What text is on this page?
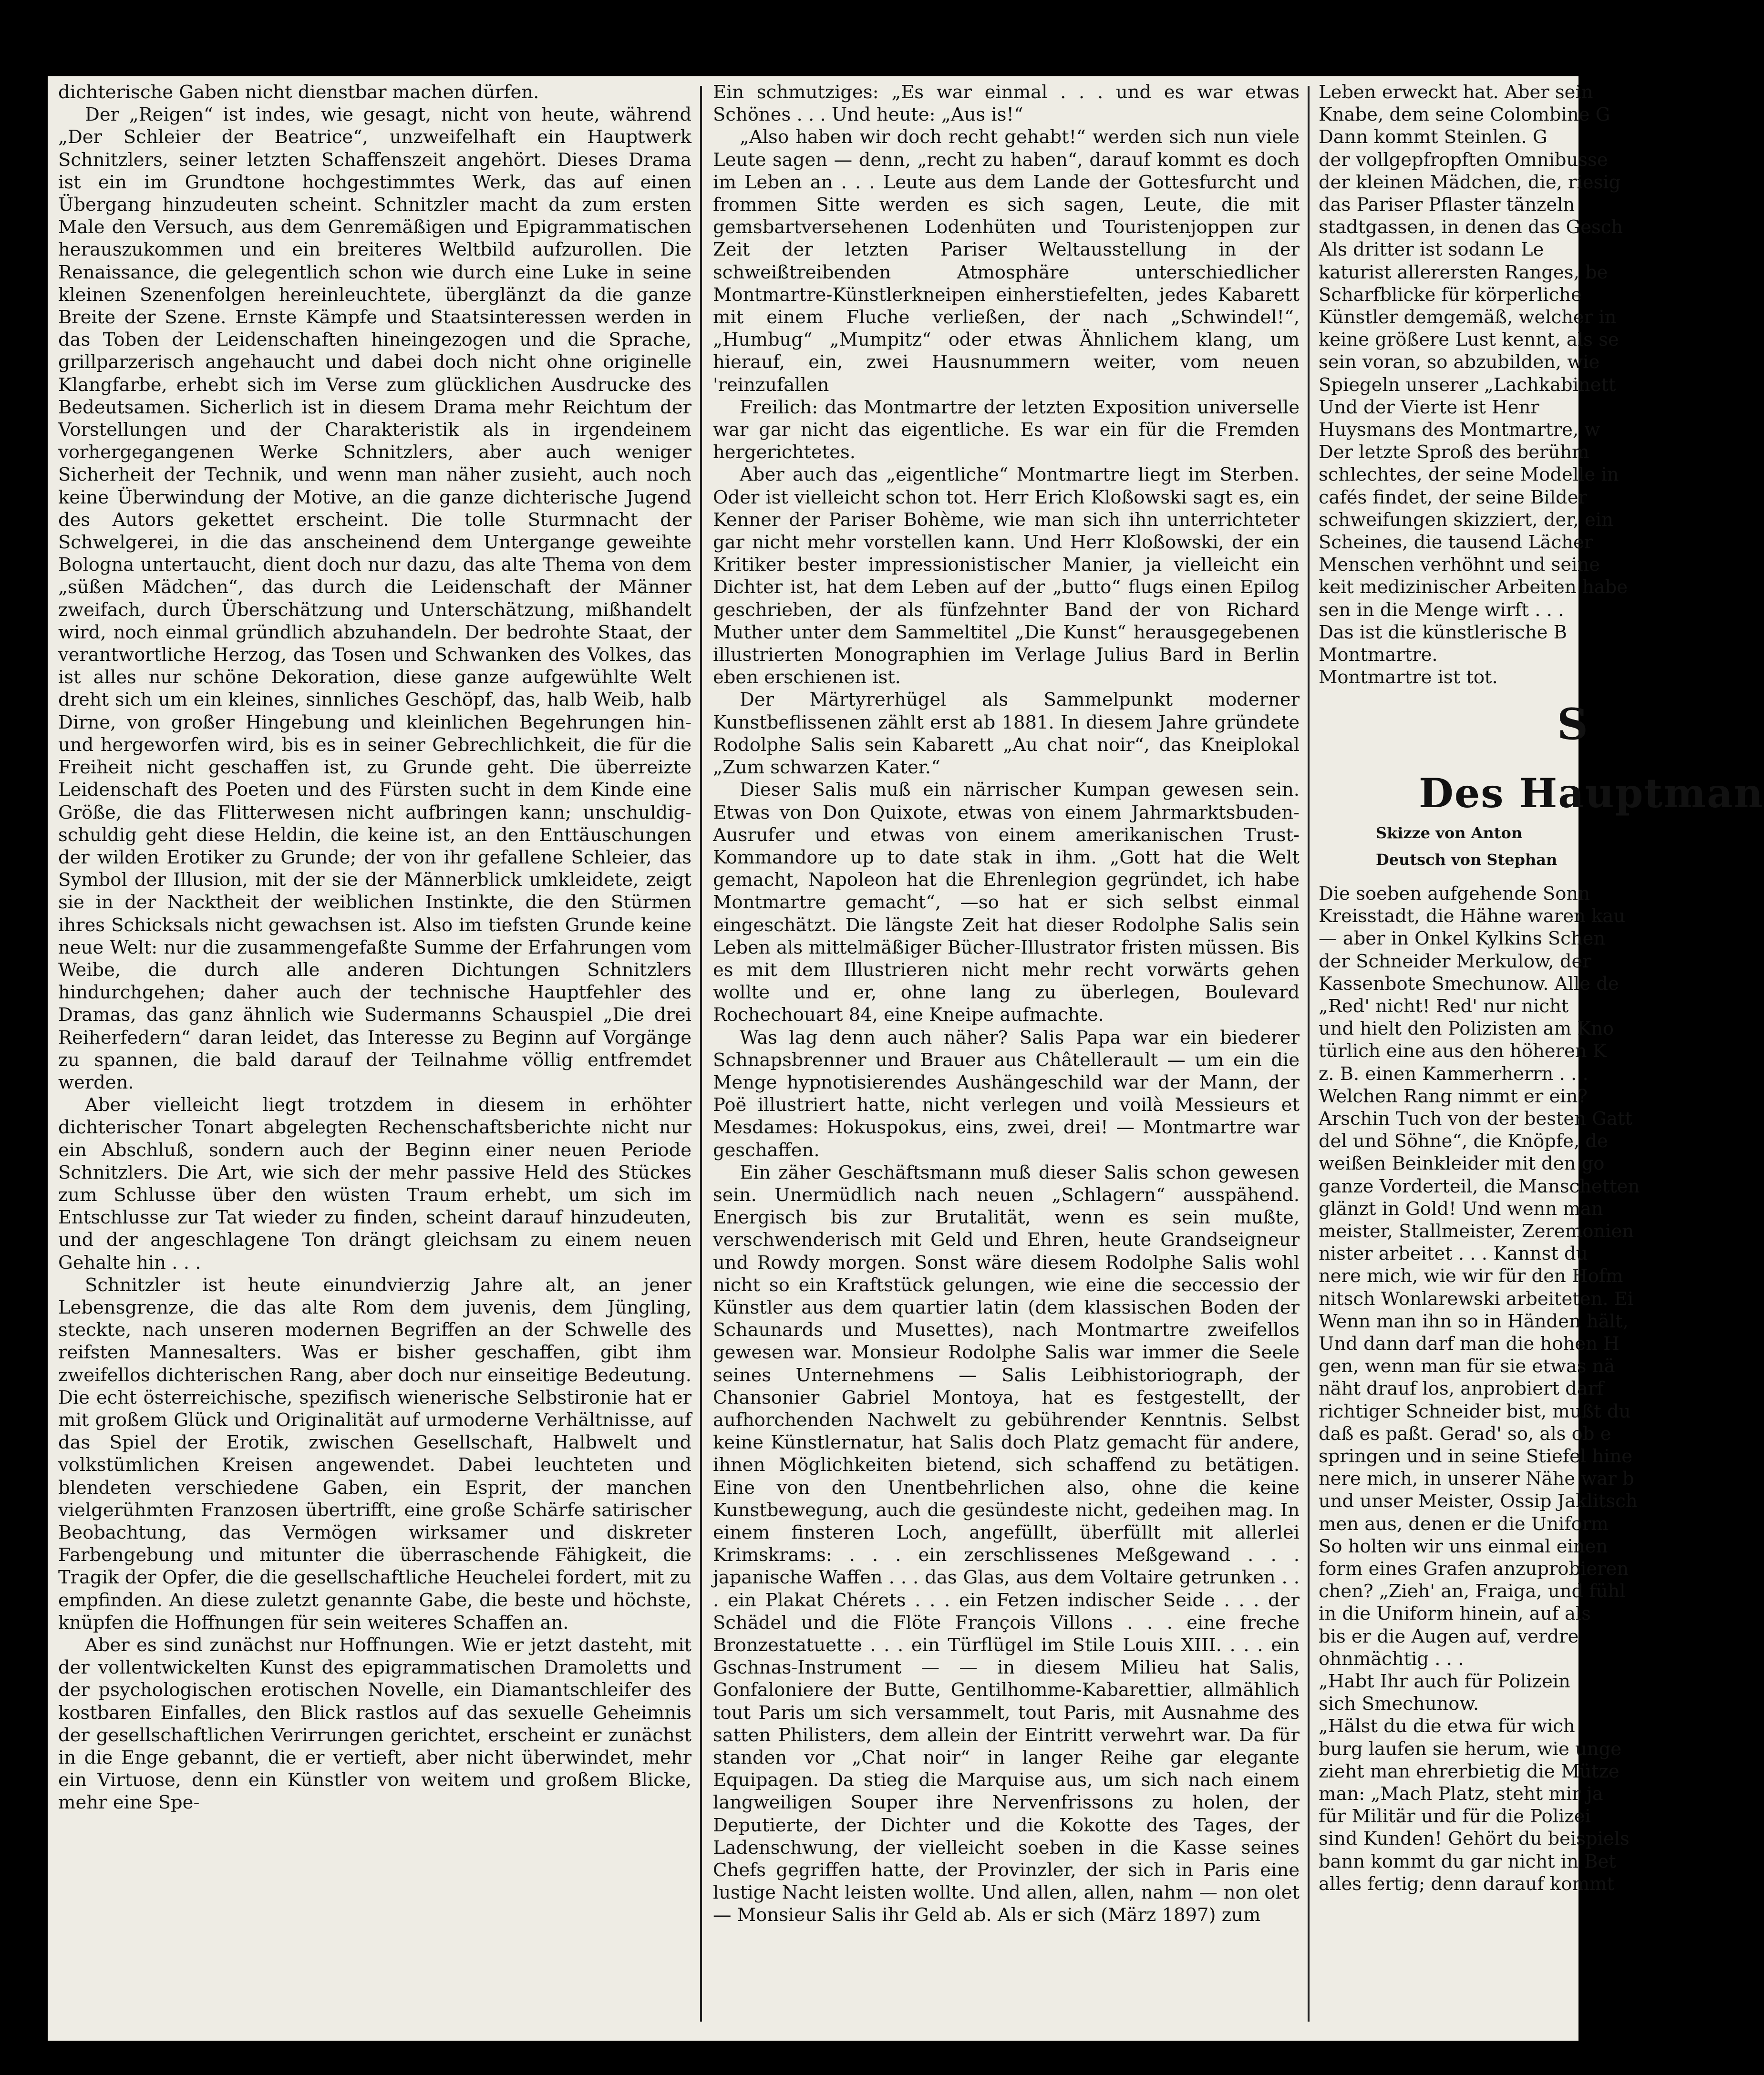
dichterische Gaben nicht dienstbar machen dürfen.

Der „Reigen“ ist indes, wie gesagt, nicht von heute, während „Der Schleier der Beatrice“, unzweifelhaft ein Hauptwerk Schnitzlers, seiner letzten Schaffenszeit angehört. Dieses Drama ist ein im Grundtone hochgestimmtes Werk, das auf einen Übergang hinzudeuten scheint. Schnitzler macht da zum ersten Male den Versuch, aus dem Genremäßigen und Epigrammatischen herauszukommen und ein breiteres Weltbild aufzurollen. Die Renaissance, die gelegentlich schon wie durch eine Luke in seine kleinen Szenenfolgen hereinleuchtete, überglänzt da die ganze Breite der Szene. Ernste Kämpfe und Staatsinteressen werden in das Toben der Leidenschaften hineingezogen und die Sprache, grillparzerisch angehaucht und dabei doch nicht ohne originelle Klangfarbe, erhebt sich im Verse zum glücklichen Ausdrucke des Bedeutsamen. Sicherlich ist in diesem Drama mehr Reichtum der Vorstellungen und der Charakteristik als in irgendeinem vorhergegangenen Werke Schnitzlers, aber auch weniger Sicherheit der Technik, und wenn man näher zusieht, auch noch keine Überwindung der Motive, an die ganze dichterische Jugend des Autors gekettet erscheint. Die tolle Sturmnacht der Schwelgerei, in die das anscheinend dem Untergange geweihte Bologna untertaucht, dient doch nur dazu, das alte Thema von dem „süßen Mädchen“, das durch die Leidenschaft der Männer zweifach, durch Überschätzung und Unterschätzung, mißhandelt wird, noch einmal gründlich abzuhandeln. Der bedrohte Staat, der verantwortliche Herzog, das Tosen und Schwanken des Volkes, das ist alles nur schöne Dekoration, diese ganze aufgewühlte Welt dreht sich um ein kleines, sinnliches Geschöpf, das, halb Weib, halb Dirne, von großer Hingebung und kleinlichen Begehrungen hin- und hergeworfen wird, bis es in seiner Gebrechlichkeit, die für die Freiheit nicht geschaffen ist, zu Grunde geht. Die überreizte Leidenschaft des Poeten und des Fürsten sucht in dem Kinde eine Größe, die das Flitterwesen nicht aufbringen kann; unschuldig-schuldig geht diese Heldin, die keine ist, an den Enttäuschungen der wilden Erotiker zu Grunde; der von ihr gefallene Schleier, das Symbol der Illusion, mit der sie der Männerblick umkleidete, zeigt sie in der Nacktheit der weiblichen Instinkte, die den Stürmen ihres Schicksals nicht gewachsen ist. Also im tiefsten Grunde keine neue Welt: nur die zusammengefaßte Summe der Erfahrungen vom Weibe, die durch alle anderen Dichtungen Schnitzlers hindurchgehen; daher auch der technische Hauptfehler des Dramas, das ganz ähnlich wie Sudermanns Schauspiel „Die drei Reiherfedern“ daran leidet, das Interesse zu Beginn auf Vorgänge zu spannen, die bald darauf der Teilnahme völlig entfremdet werden.

Aber vielleicht liegt trotzdem in diesem in erhöhter dichterischer Tonart abgelegten Rechenschaftsberichte nicht nur ein Abschluß, sondern auch der Beginn einer neuen Periode Schnitzlers. Die Art, wie sich der mehr passive Held des Stückes zum Schlusse über den wüsten Traum erhebt, um sich im Entschlusse zur Tat wieder zu finden, scheint darauf hinzudeuten, und der angeschlagene Ton drängt gleichsam zu einem neuen Gehalte hin . . .

Schnitzler ist heute einundvierzig Jahre alt, an jener Lebensgrenze, die das alte Rom dem juvenis, dem Jüngling, steckte, nach unseren modernen Begriffen an der Schwelle des reifsten Mannesalters. Was er bisher geschaffen, gibt ihm zweifellos dichterischen Rang, aber doch nur einseitige Bedeutung. Die echt österreichische, spezifisch wienerische Selbstironie hat er mit großem Glück und Originalität auf urmoderne Verhältnisse, auf das Spiel der Erotik, zwischen Gesellschaft, Halbwelt und volkstümlichen Kreisen angewendet. Dabei leuchteten und blendeten verschiedene Gaben, ein Esprit, der manchen vielgerühmten Franzosen übertrifft, eine große Schärfe satirischer Beobachtung, das Vermögen wirksamer und diskreter Farbengebung und mitunter die überraschende Fähigkeit, die Tragik der Opfer, die die gesellschaftliche Heuchelei fordert, mit zu empfinden. An diese zuletzt genannte Gabe, die beste und höchste, knüpfen die Hoffnungen für sein weiteres Schaffen an.

Aber es sind zunächst nur Hoffnungen. Wie er jetzt dasteht, mit der vollentwickelten Kunst des epigrammatischen Dramoletts und der psychologischen erotischen Novelle, ein Diamantschleifer des kostbaren Einfalles, den Blick rastlos auf das sexuelle Geheimnis der gesellschaftlichen Verirrungen gerichtet, erscheint er zunächst in die Enge gebannt, die er vertieft, aber nicht überwindet, mehr ein Virtuose, denn ein Künstler von weitem und großem Blicke, mehr eine Spe-

Ein schmutziges: „Es war einmal . . . und es war etwas Schönes . . . Und heute: „Aus is!“

„Also haben wir doch recht gehabt!“ werden sich nun viele Leute sagen — denn, „recht zu haben“, darauf kommt es doch im Leben an . . . Leute aus dem Lande der Gottesfurcht und frommen Sitte werden es sich sagen, Leute, die mit gemsbartversehenen Lodenhüten und Touristenjoppen zur Zeit der letzten Pariser Weltausstellung in der schweißtreibenden Atmosphäre unterschiedlicher Montmartre-Künstlerkneipen einherstiefelten, jedes Kabarett mit einem Fluche verließen, der nach „Schwindel!“, „Humbug“ „Mumpitz“ oder etwas Ähnlichem klang, um hierauf, ein, zwei Hausnummern weiter, vom neuen 'reinzufallen

Freilich: das Montmartre der letzten Exposition universelle war gar nicht das eigentliche. Es war ein für die Fremden hergerichtetes.

Aber auch das „eigentliche“ Montmartre liegt im Sterben. Oder ist vielleicht schon tot. Herr Erich Kloßowski sagt es, ein Kenner der Pariser Bohème, wie man sich ihn unterrichteter gar nicht mehr vorstellen kann. Und Herr Kloßowski, der ein Kritiker bester impressionistischer Manier, ja vielleicht ein Dichter ist, hat dem Leben auf der „butto“ flugs einen Epilog geschrieben, der als fünfzehnter Band der von Richard Muther unter dem Sammeltitel „Die Kunst“ herausgegebenen illustrierten Monographien im Verlage Julius Bard in Berlin eben erschienen ist.

Der Märtyrerhügel als Sammelpunkt moderner Kunstbeflissenen zählt erst ab 1881. In diesem Jahre gründete Rodolphe Salis sein Kabarett „Au chat noir“, das Kneiplokal „Zum schwarzen Kater.“

Dieser Salis muß ein närrischer Kumpan gewesen sein. Etwas von Don Quixote, etwas von einem Jahrmarktsbuden-Ausrufer und etwas von einem amerikanischen Trust-Kommandore up to date stak in ihm. „Gott hat die Welt gemacht, Napoleon hat die Ehrenlegion gegründet, ich habe Montmartre gemacht“, —so hat er sich selbst einmal eingeschätzt. Die längste Zeit hat dieser Rodolphe Salis sein Leben als mittelmäßiger Bücher-Illustrator fristen müssen. Bis es mit dem Illustrieren nicht mehr recht vorwärts gehen wollte und er, ohne lang zu überlegen, Boulevard Rochechouart 84, eine Kneipe aufmachte.

Was lag denn auch näher? Salis Papa war ein biederer Schnapsbrenner und Brauer aus Châtellerault — um ein die Menge hypnotisierendes Aushängeschild war der Mann, der Poë illustriert hatte, nicht verlegen und voilà Messieurs et Mesdames: Hokuspokus, eins, zwei, drei! — Montmartre war geschaffen.

Ein zäher Geschäftsmann muß dieser Salis schon gewesen sein. Unermüdlich nach neuen „Schlagern“ ausspähend. Energisch bis zur Brutalität, wenn es sein mußte, verschwenderisch mit Geld und Ehren, heute Grandseigneur und Rowdy morgen. Sonst wäre diesem Rodolphe Salis wohl nicht so ein Kraftstück gelungen, wie eine die seccessio der Künstler aus dem quartier latin (dem klassischen Boden der Schaunards und Musettes), nach Montmartre zweifellos gewesen war. Monsieur Rodolphe Salis war immer die Seele seines Unternehmens — Salis Leibhistoriograph, der Chansonier Gabriel Montoya, hat es festgestellt, der aufhorchenden Nachwelt zu gebührender Kenntnis. Selbst keine Künstlernatur, hat Salis doch Platz gemacht für andere, ihnen Möglichkeiten bietend, sich schaffend zu betätigen. Eine von den Unentbehrlichen also, ohne die keine Kunstbewegung, auch die gesündeste nicht, gedeihen mag. In einem finsteren Loch, angefüllt, überfüllt mit allerlei Krimskrams: . . . ein zerschlissenes Meßgewand . . . japanische Waffen . . . das Glas, aus dem Voltaire getrunken . . . ein Plakat Chérets . . . ein Fetzen indischer Seide . . . der Schädel und die Flöte François Villons . . . eine freche Bronzestatuette . . . ein Türflügel im Stile Louis XIII. . . . ein Gschnas-Instrument — — in diesem Milieu hat Salis, Gonfaloniere der Butte, Gentilhomme-Kabarettier, allmählich tout Paris um sich versammelt, tout Paris, mit Ausnahme des satten Philisters, dem allein der Eintritt verwehrt war. Da für standen vor „Chat noir“ in langer Reihe gar elegante Equipagen. Da stieg die Marquise aus, um sich nach einem langweiligen Souper ihre Nervenfrissons zu holen, der Deputierte, der Dichter und die Kokotte des Tages, der Ladenschwung, der vielleicht soeben in die Kasse seines Chefs gegriffen hatte, der Provinzler, der sich in Paris eine lustige Nacht leisten wollte. Und allen, allen, nahm — non olet — Monsieur Salis ihr Geld ab. Als er sich (März 1897) zum

Leben erweckt hat. Aber sein
Knabe, dem seine Colombine G
Dann kommt Steinlen. G
der vollgepfropften Omnibusse
der kleinen Mädchen, die, riesig
das Pariser Pflaster tänzeln
stadtgassen, in denen das Gesch
Als dritter ist sodann Le
katurist allerersten Ranges, be
Scharfblicke für körperliche
Künstler demgemäß, welcher in
keine größere Lust kennt, als se
sein voran, so abzubilden, wie
Spiegeln unserer „Lachkabinett
Und der Vierte ist Henr
Huysmans des Montmartre, w
Der letzte Sproß des berühm
schlechtes, der seine Modelle in
cafés findet, der seine Bilder
schweifungen skizziert, der, ein
Scheines, die tausend Lächer
Menschen verhöhnt und seine
keit medizinischer Arbeiten habe
sen in die Menge wirft . . .
Das ist die künstlerische B
Montmartre.
Montmartre ist tot.
S
Des Hauptman
Skizze von Anton
Deutsch von Stephan
Die soeben aufgehende Sonn
Kreisstadt, die Hähne waren kau
— aber in Onkel Kylkins Schen
der Schneider Merkulow, der
Kassenbote Smechunow. Alle de
„Red' nicht! Red' nur nicht
und hielt den Polizisten am Kno
türlich eine aus den höheren K
z. B. einen Kammerherrn . . .
Welchen Rang nimmt er ein?
Arschin Tuch von der besten Gatt
del und Söhne“, die Knöpfe, de
weißen Beinkleider mit den go
ganze Vorderteil, die Manschetten
glänzt in Gold! Und wenn man
meister, Stallmeister, Zeremonien
nister arbeitet . . . Kannst du
nere mich, wie wir für den Hofm
nitsch Wonlarewski arbeiteten. Ei
Wenn man ihn so in Händen hält,
Und dann darf man die hohen H
gen, wenn man für sie etwas nä
näht drauf los, anprobiert darf
richtiger Schneider bist, mußt du
daß es paßt. Gerad' so, als ob e
springen und in seine Stiefel hine
nere mich, in unserer Nähe war b
und unser Meister, Ossip Jaklitsch
men aus, denen er die Uniform
So holten wir uns einmal einen
form eines Grafen anzuprobieren
chen? „Zieh' an, Fraiga, und fühl
in die Uniform hinein, auf als
bis er die Augen auf, verdre
ohnmächtig . . .
„Habt Ihr auch für Polizein
sich Smechunow.
„Hälst du die etwa für wich
burg laufen sie herum, wie unge
zieht man ehrerbietig die Mütze
man: „Mach Platz, steht mir ja
für Militär und für die Polizei
sind Kunden! Gehört du beispiels
bann kommt du gar nicht in Bet
alles fertig; denn darauf kommt
